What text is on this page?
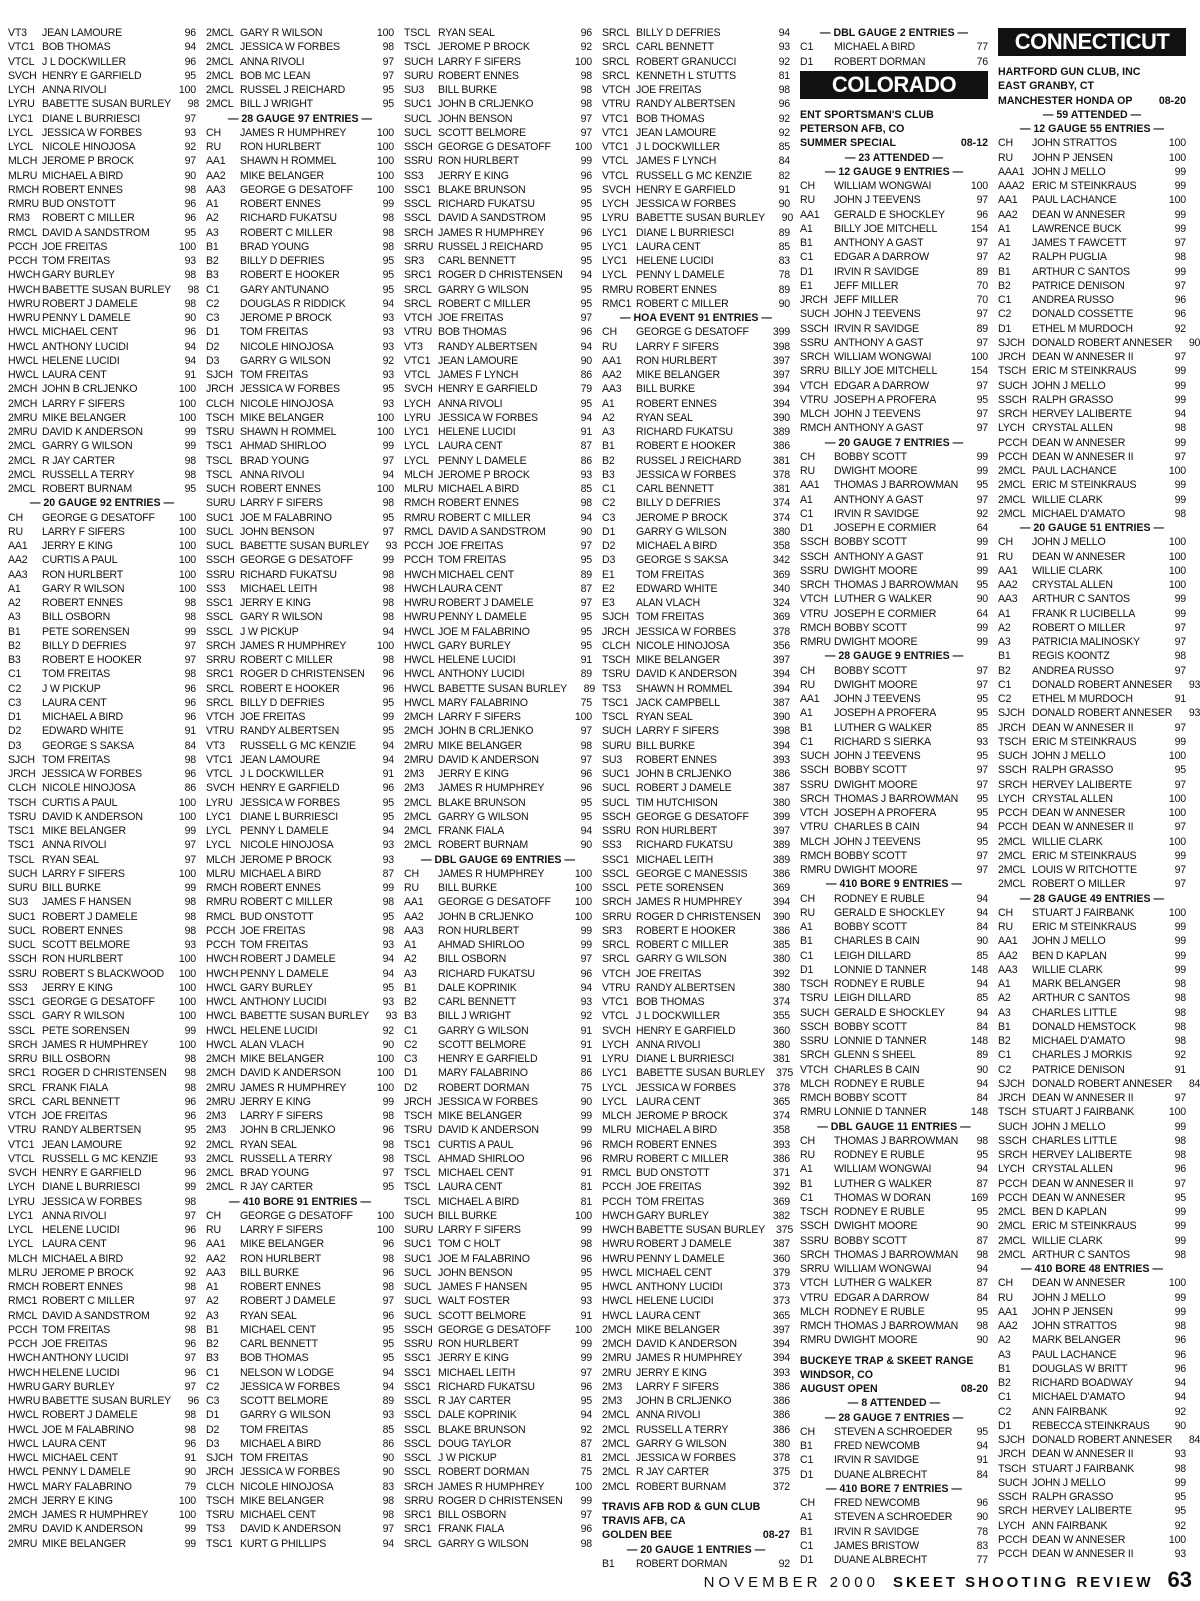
VT3	JEAN LAMOURE	96
VTC1 BOB THOMAS	94
VTCL J L DOCKWILLER	96
SVCH HENRY E GARFIELD	95
LYCH ANNA RIVOLI	100
LYRU BABETTE SUSAN BURLEY	98
LYC1 DIANE L BURRIESCI	97
LYCL JESSICA W FORBES	93
LYCL NICOLE HINOJOSA	92
MLCH JEROME P BROCK	97
MLRU MICHAEL A BIRD	90
RMCH ROBERT ENNES	98
RMRU BUD ONSTOTT	96
RM3	ROBERT C MILLER	96
RMCL DAVID A SANDSTROM	95
PCCH JOE FREITAS	100
PCCH TOM FREITAS	93
HWCH GARY BURLEY	98
HWCH BABETTE SUSAN BURLEY	98
HWRU ROBERT J DAMELE	98
HWRU PENNY L DAMELE	90
HWCL MICHAEL CENT	96
HWCL ANTHONY LUCIDI	94
HWCL HELENE LUCIDI	94
HWCL LAURA CENT	91
2MCH JOHN B CRLJENKO	100
2MCH LARRY F SIFERS	100
2MRU MIKE BELANGER	100
2MRU DAVID K ANDERSON	99
2MCL GARRY G WILSON	99
2MCL R JAY CARTER	98
2MCL RUSSELL A TERRY	98
2MCL ROBERT BURNAM	95
— 20 GAUGE 92 ENTRIES —
CH	GEORGE G DESATOFF	100
RU	LARRY F SIFERS	100
AA1	JERRY E KING	100
AA2	CURTIS A PAUL	100
AA3	RON HURLBERT	100
A1	GARY R WILSON	100
A2	ROBERT ENNES	98
A3	BILL OSBORN	98
B1	PETE SORENSEN	99
B2	BILLY D DEFRIES	97
B3	ROBERT E HOOKER	97
C1	TOM FREITAS	98
C2	J W PICKUP	96
C3	LAURA CENT	96
D1	MICHAEL A BIRD	96
D2	EDWARD WHITE	91
D3	GEORGE S SAKSA	84
SJCH TOM FREITAS	98
JRCH JESSICA W FORBES	96
CLCH NICOLE HINOJOSA	86
TSCH CURTIS A PAUL	100
TSRU DAVID K ANDERSON	100
TSC1 MIKE BELANGER	99
TSC1 ANNA RIVOLI	97
TSCL RYAN SEAL	97
SUCH LARRY F SIFERS	100
SURU BILL BURKE	99
SU3	JAMES F HANSEN	98
SUC1 ROBERT J DAMELE	98
SUCL ROBERT ENNES	98
SUCL SCOTT BELMORE	93
SSCH RON HURLBERT	100
SSRU ROBERT S BLACKWOOD	100
SS3	JERRY E KING	100
SSC1 GEORGE G DESATOFF	100
SSCL GARY R WILSON	100
SSCL PETE SORENSEN	99
SRCH JAMES R HUMPHREY	100
SRRU BILL OSBORN	98
SRC1 ROGER D CHRISTENSEN	98
SRCL FRANK FIALA	98
SRCL CARL BENNETT	96
VTCH JOE FREITAS	96
VTRU RANDY ALBERTSEN	95
VTC1 JEAN LAMOURE	92
VTCL RUSSELL G MC KENZIE	93
SVCH HENRY E GARFIELD	96
LYCH DIANE L BURRIESCI	99
LYRU JESSICA W FORBES	98
LYC1 ANNA RIVOLI	97
LYCL HELENE LUCIDI	96
LYCL LAURA CENT	96
MLCH MICHAEL A BIRD	92
MLRU JEROME P BROCK	92
RMCH ROBERT ENNES	98
RMC1 ROBERT C MILLER	97
RMCL DAVID A SANDSTROM	92
PCCH TOM FREITAS	98
PCCH JOE FREITAS	96
HWCH ANTHONY LUCIDI	97
HWCH HELENE LUCIDI	96
HWRU GARY BURLEY	97
HWRU BABETTE SUSAN BURLEY	96
HWCL ROBERT J DAMELE	98
HWCL JOE M FALABRINO	98
HWCL LAURA CENT	96
HWCL MICHAEL CENT	91
HWCL PENNY L DAMELE	90
HWCL MARY FALABRINO	79
2MCH JERRY E KING	100
2MCH JAMES R HUMPHREY	100
2MRU DAVID K ANDERSON	99
2MRU MIKE BELANGER	99
2MCL GARY R WILSON	100
2MCL JESSICA W FORBES	98
2MCL ANNA RIVOLI	97
2MCL BOB MC LEAN	97
2MCL RUSSEL J REICHARD	95
2MCL BILL J WRIGHT	95
— 28 GAUGE 97 ENTRIES —
CH	JAMES R HUMPHREY	100
RU	RON HURLBERT	100
AA1	SHAWN H ROMMEL	100
AA2	MIKE BELANGER	100
AA3	GEORGE G DESATOFF	100
A1	ROBERT ENNES	99
A2	RICHARD FUKATSU	98
A3	ROBERT C MILLER	98
B1	BRAD YOUNG	98
B2	BILLY D DEFRIES	95
B3	ROBERT E HOOKER	95
C1	GARY ANTUNANO	95
C2	DOUGLAS R RIDDICK	94
C3	JEROME P BROCK	93
D1	TOM FREITAS	93
D2	NICOLE HINOJOSA	93
D3	GARRY G WILSON	92
SJCH TOM FREITAS	93
JRCH JESSICA W FORBES	95
CLCH NICOLE HINOJOSA	93
TSCH MIKE BELANGER	100
TSRU SHAWN H ROMMEL	100
TSC1 AHMAD SHIRLOO	99
TSCL BRAD YOUNG	97
TSCL ANNA RIVOLI	94
SUCH ROBERT ENNES	100
SURU LARRY F SIFERS	98
SUC1 JOE M FALABRINO	95
SUCL JOHN BENSON	97
SUCL BABETTE SUSAN BURLEY	93
SSCH GEORGE G DESATOFF	99
SSRU RICHARD FUKATSU	98
SS3	MICHAEL LEITH	98
SSC1 JERRY E KING	98
SSCL GARY R WILSON	98
SSCL J W PICKUP	94
SRCH JAMES R HUMPHREY	100
SRRU ROBERT C MILLER	98
SRC1 ROGER D CHRISTENSEN	96
SRCL ROBERT E HOOKER	96
SRCL BILLY D DEFRIES	95
VTCH JOE FREITAS	99
VTRU RANDY ALBERTSEN	95
VT3	RUSSELL G MC KENZIE	94
VTC1 JEAN LAMOURE	94
VTCL J L DOCKWILLER	91
SVCH HENRY E GARFIELD	96
LYRU JESSICA W FORBES	95
LYC1 DIANE L BURRIESCI	95
LYCL PENNY L DAMELE	94
LYCL NICOLE HINOJOSA	93
MLCH JEROME P BROCK	93
MLRU MICHAEL A BIRD	87
RMCH ROBERT ENNES	99
RMRU ROBERT C MILLER	98
RMCL BUD ONSTOTT	95
PCCH JOE FREITAS	98
PCCH TOM FREITAS	93
HWCH ROBERT J DAMELE	94
HWCH PENNY L DAMELE	94
HWCL GARY BURLEY	95
HWCL ANTHONY LUCIDI	93
HWCL BABETTE SUSAN BURLEY	93
HWCL HELENE LUCIDI	92
HWCL ALAN VLACH	90
2MCH MIKE BELANGER	100
2MCH DAVID K ANDERSON	100
2MRU JAMES R HUMPHREY	100
2MRU JERRY E KING	99
2M3	LARRY F SIFERS	98
2M3	JOHN B CRLJENKO	96
2MCL RYAN SEAL	98
2MCL RUSSELL A TERRY	98
2MCL BRAD YOUNG	97
2MCL R JAY CARTER	95
— 410 BORE 91 ENTRIES —
CH	GEORGE G DESATOFF	100
RU	LARRY F SIFERS	100
AA1	MIKE BELANGER	96
AA2	RON HURLBERT	98
AA3	BILL BURKE	96
A1	ROBERT ENNES	98
A2	ROBERT J DAMELE	97
A3	RYAN SEAL	96
B1	MICHAEL CENT	95
B2	CARL BENNETT	95
B3	BOB THOMAS	95
C1	NELSON W LODGE	94
C2	JESSICA W FORBES	94
C3	SCOTT BELMORE	89
D1	GARRY G WILSON	93
D2	TOM FREITAS	85
D3	MICHAEL A BIRD	86
SJCH TOM FREITAS	90
JRCH JESSICA W FORBES	90
CLCH NICOLE HINOJOSA	83
TSCH MIKE BELANGER	98
TSRU MICHAEL CENT	98
TS3	DAVID K ANDERSON	97
TSC1 KURT G PHILLIPS	94
TSCL RYAN SEAL	96
TSCL JEROME P BROCK	92
SUCH LARRY F SIFERS	100
SURU ROBERT ENNES	98
SU3	BILL BURKE	98
SUC1 JOHN B CRLJENKO	98
SUCL JOHN BENSON	97
SUCL SCOTT BELMORE	97
SSCH GEORGE G DESATOFF	100
SSRU RON HURLBERT	99
SS3	JERRY E KING	96
SSC1 BLAKE BRUNSON	95
SSCL RICHARD FUKATSU	95
SSCL DAVID A SANDSTROM	95
SRCH JAMES R HUMPHREY	96
SRRU RUSSEL J REICHARD	95
SR3	CARL BENNETT	95
SRC1 ROGER D CHRISTENSEN	94
SRCL GARRY G WILSON	95
SRCL ROBERT C MILLER	95
VTCH JOE FREITAS	97
VTRU BOB THOMAS	96
VT3	RANDY ALBERTSEN	94
VTC1 JEAN LAMOURE	90
VTCL JAMES F LYNCH	86
SVCH HENRY E GARFIELD	79
LYCH ANNA RIVOLI	95
LYRU JESSICA W FORBES	94
LYC1 HELENE LUCIDI	91
LYCL LAURA CENT	87
LYCL PENNY L DAMELE	86
MLCH JEROME P BROCK	93
MLRU MICHAEL A BIRD	85
RMCH ROBERT ENNES	98
RMRU ROBERT C MILLER	94
RMCL DAVID A SANDSTROM	90
PCCH JOE FREITAS	97
PCCH TOM FREITAS	95
HWCH MICHAEL CENT	89
HWCH LAURA CENT	87
HWRU ROBERT J DAMELE	97
HWRU PENNY L DAMELE	95
HWCL JOE M FALABRINO	95
HWCL GARY BURLEY	95
HWCL HELENE LUCIDI	91
HWCL ANTHONY LUCIDI	89
HWCL BABETTE SUSAN BURLEY	89
HWCL MARY FALABRINO	75
2MCH LARRY F SIFERS	100
2MCH JOHN B CRLJENKO	97
2MRU MIKE BELANGER	98
2MRU DAVID K ANDERSON	97
2M3	JERRY E KING	96
2M3	JAMES R HUMPHREY	96
2MCL BLAKE BRUNSON	95
2MCL GARRY G WILSON	95
2MCL FRANK FIALA	94
2MCL ROBERT BURNAM	90
— DBL GAUGE 69 ENTRIES —
CH	JAMES R HUMPHREY	100
RU	BILL BURKE	100
AA1	GEORGE G DESATOFF	100
AA2	JOHN B CRLJENKO	100
AA3	RON HURLBERT	99
A1	AHMAD SHIRLOO	99
A2	BILL OSBORN	97
A3	RICHARD FUKATSU	96
B1	DALE KOPRINIK	94
B2	CARL BENNETT	93
B3	BILL J WRIGHT	92
C1	GARRY G WILSON	91
C2	SCOTT BELMORE	91
C3	HENRY E GARFIELD	91
D1	MARY FALABRINO	86
D2	ROBERT DORMAN	75
JRCH JESSICA W FORBES	90
TSCH MIKE BELANGER	99
TSRU DAVID K ANDERSON	99
TSC1 CURTIS A PAUL	96
TSCL AHMAD SHIRLOO	96
TSCL MICHAEL CENT	91
TSCL LAURA CENT	81
TSCL MICHAEL A BIRD	81
SUCH BILL BURKE	100
SURU LARRY F SIFERS	99
SUC1 TOM C HOLT	98
SUC1 JOE M FALABRINO	96
SUCL JOHN BENSON	95
SUCL JAMES F HANSEN	95
SUCL WALT FOSTER	93
SUCL SCOTT BELMORE	91
SSCH GEORGE G DESATOFF	100
SSRU RON HURLBERT	99
SSC1 JERRY E KING	99
SSC1 MICHAEL LEITH	97
SSC1 RICHARD FUKATSU	96
SSCL R JAY CARTER	95
SSCL DALE KOPRINIK	94
SSCL BLAKE BRUNSON	92
SSCL DOUG TAYLOR	87
SSCL J W PICKUP	81
SSCL ROBERT DORMAN	75
SRCH JAMES R HUMPHREY	100
SRRU ROGER D CHRISTENSEN	99
SRC1 BILL OSBORN	97
SRC1 FRANK FIALA	96
SRCL GARRY G WILSON	98
SRCL BILLY D DEFRIES	94
SRCL CARL BENNETT	93
SRCL ROBERT GRANUCCI	92
SRCL KENNETH L STUTTS	81
VTCH JOE FREITAS	98
VTRU RANDY ALBERTSEN	96
VTC1 BOB THOMAS	92
VTC1 JEAN LAMOURE	92
VTC1 J L DOCKWILLER	85
VTCL JAMES F LYNCH	84
VTCL RUSSELL G MC KENZIE	82
SVCH HENRY E GARFIELD	91
LYCH JESSICA W FORBES	90
LYRU BABETTE SUSAN BURLEY	90
LYC1 DIANE L BURRIESCI	89
LYC1 LAURA CENT	85
LYC1 HELENE LUCIDI	83
LYCL PENNY L DAMELE	78
RMRU ROBERT ENNES	89
RMC1 ROBERT C MILLER	90
— HOA EVENT 91 ENTRIES —
CH	GEORGE G DESATOFF	399
RU	LARRY F SIFERS	398
AA1	RON HURLBERT	397
AA2	MIKE BELANGER	397
AA3	BILL BURKE	394
A1	ROBERT ENNES	394
A2	RYAN SEAL	390
A3	RICHARD FUKATSU	389
B1	ROBERT E HOOKER	386
B2	RUSSEL J REICHARD	381
B3	JESSICA W FORBES	378
C1	CARL BENNETT	381
C2	BILLY D DEFRIES	374
C3	JEROME P BROCK	374
D1	GARRY G WILSON	380
D2	MICHAEL A BIRD	358
D3	GEORGE S SAKSA	342
E1	TOM FREITAS	369
E2	EDWARD WHITE	340
E3	ALAN VLACH	324
SJCH TOM FREITAS	369
JRCH JESSICA W FORBES	378
CLCH NICOLE HINOJOSA	356
TSCH MIKE BELANGER	397
TSRU DAVID K ANDERSON	394
TS3	SHAWN H ROMMEL	394
TSC1 JACK CAMPBELL	387
TSCL RYAN SEAL	390
SUCH LARRY F SIFERS	398
SURU BILL BURKE	394
SU3	ROBERT ENNES	393
SUC1 JOHN B CRLJENKO	386
SUCL ROBERT J DAMELE	387
SUCL TIM HUTCHISON	380
SSCH GEORGE G DESATOFF	399
SSRU RON HURLBERT	397
SS3	RICHARD FUKATSU	389
SSC1 MICHAEL LEITH	389
SSCL GEORGE C MANESSIS	386
SSCL PETE SORENSEN	369
SRCH JAMES R HUMPHREY	394
SRRU ROGER D CHRISTENSEN	390
SR3	ROBERT E HOOKER	386
SRCL ROBERT C MILLER	385
SRCL GARRY G WILSON	380
VTCH JOE FREITAS	392
VTRU RANDY ALBERTSEN	380
VTC1 BOB THOMAS	374
VTCL J L DOCKWILLER	355
SVCH HENRY E GARFIELD	360
LYCH ANNA RIVOLI	380
LYRU DIANE L BURRIESCI	381
LYC1 BABETTE SUSAN BURLEY	375
LYCL JESSICA W FORBES	378
LYCL LAURA CENT	365
MLCH JEROME P BROCK	374
MLRU MICHAEL A BIRD	358
RMCH ROBERT ENNES	393
RMRU ROBERT C MILLER	386
RMCL BUD ONSTOTT	371
PCCH JOE FREITAS	392
PCCH TOM FREITAS	369
HWCH GARY BURLEY	382
HWCH BABETTE SUSAN BURLEY	375
HWRU ROBERT J DAMELE	387
HWRU PENNY L DAMELE	360
HWCL MICHAEL CENT	379
HWCL ANTHONY LUCIDI	373
HWCL HELENE LUCIDI	373
HWCL LAURA CENT	365
2MCH MIKE BELANGER	397
2MCH DAVID K ANDERSON	394
2MRU JAMES R HUMPHREY	394
2MRU JERRY E KING	393
2M3	LARRY F SIFERS	386
2M3	JOHN B CRLJENKO	386
2MCL ANNA RIVOLI	386
2MCL RUSSELL A TERRY	386
2MCL GARRY G WILSON	380
2MCL JESSICA W FORBES	378
2MCL R JAY CARTER	375
2MCL ROBERT BURNAM	372
TRAVIS AFB ROD & GUN CLUB
TRAVIS AFB, CA
GOLDEN BEE	08-27
— 20 GAUGE 1 ENTRIES —
B1	ROBERT DORMAN	92
— DBL GAUGE 2 ENTRIES —
C1	MICHAEL A BIRD	77
D1	ROBERT DORMAN	76
COLORADO
ENT SPORTSMAN'S CLUB
PETERSON AFB, CO
SUMMER SPECIAL	08-12
— 23 ATTENDED —
— 12 GAUGE 9 ENTRIES —
CH	WILLIAM WONGWAI	100
RU	JOHN J TEEVENS	97
AA1	GERALD E SHOCKLEY	96
A1	BILLY JOE MITCHELL	154
B1	ANTHONY A GAST	97
C1	EDGAR A DARROW	97
D1	IRVIN R SAVIDGE	89
E1	JEFF MILLER	70
JRCH JEFF MILLER	70
SUCH JOHN J TEEVENS	97
SSCH IRVIN R SAVIDGE	89
SSRU ANTHONY A GAST	97
SRCH WILLIAM WONGWAI	100
SRRU BILLY JOE MITCHELL	154
VTCH EDGAR A DARROW	97
VTRU JOSEPH A PROFERA	95
MLCH JOHN J TEEVENS	97
RMCH ANTHONY A GAST	97
— 20 GAUGE 7 ENTRIES —
CH	BOBBY SCOTT	99
RU	DWIGHT MOORE	99
AA1	THOMAS J BARROWMAN	95
A1	ANTHONY A GAST	97
C1	IRVIN R SAVIDGE	92
D1	JOSEPH E CORMIER	64
SSCH BOBBY SCOTT	99
SSCH ANTHONY A GAST	91
SSRU DWIGHT MOORE	99
SRCH THOMAS J BARROWMAN	95
VTCH LUTHER G WALKER	90
VTRU JOSEPH E CORMIER	64
RMCH BOBBY SCOTT	99
RMRU DWIGHT MOORE	99
— 28 GAUGE 9 ENTRIES —
CH	BOBBY SCOTT	97
RU	DWIGHT MOORE	97
AA1	JOHN J TEEVENS	95
A1	JOSEPH A PROFERA	95
B1	LUTHER G WALKER	85
C1	RICHARD S SIERKA	93
SUCH JOHN J TEEVENS	95
SSCH BOBBY SCOTT	97
SSRU DWIGHT MOORE	97
SRCH THOMAS J BARROWMAN	95
VTCH JOSEPH A PROFERA	95
VTRU CHARLES B CAIN	94
MLCH JOHN J TEEVENS	95
RMCH BOBBY SCOTT	97
RMRU DWIGHT MOORE	97
— 410 BORE 9 ENTRIES —
CH	RODNEY E RUBLE	94
RU	GERALD E SHOCKLEY	94
A1	BOBBY SCOTT	84
B1	CHARLES B CAIN	90
C1	LEIGH DILLARD	85
D1	LONNIE D TANNER	148
TSCH RODNEY E RUBLE	94
TSRU LEIGH DILLARD	85
SUCH GERALD E SHOCKLEY	94
SSCH BOBBY SCOTT	84
SSRU LONNIE D TANNER	148
SRCH GLENN S SHEEL	89
VTCH CHARLES B CAIN	90
MLCH RODNEY E RUBLE	94
RMCH BOBBY SCOTT	84
RMRU LONNIE D TANNER	148
— DBL GAUGE 11 ENTRIES —
CH	THOMAS J BARROWMAN	98
RU	RODNEY E RUBLE	95
A1	WILLIAM WONGWAI	94
B1	LUTHER G WALKER	87
C1	THOMAS W DORAN	169
TSCH RODNEY E RUBLE	95
SSCH DWIGHT MOORE	90
SSRU BOBBY SCOTT	87
SRCH THOMAS J BARROWMAN	98
SRRU WILLIAM WONGWAI	94
VTCH LUTHER G WALKER	87
VTRU EDGAR A DARROW	84
MLCH RODNEY E RUBLE	95
RMCH THOMAS J BARROWMAN	98
RMRU DWIGHT MOORE	90
BUCKEYE TRAP & SKEET RANGE
WINDSOR, CO
AUGUST OPEN	08-20
— 8 ATTENDED —
— 28 GAUGE 7 ENTRIES —
CH	STEVEN A SCHROEDER	95
B1	FRED NEWCOMB	94
C1	IRVIN R SAVIDGE	91
D1	DUANE ALBRECHT	84
— 410 BORE 7 ENTRIES —
CH	FRED NEWCOMB	96
A1	STEVEN A SCHROEDER	90
B1	IRVIN R SAVIDGE	78
C1	JAMES BRISTOW	83
D1	DUANE ALBRECHT	77
CONNECTICUT
HARTFORD GUN CLUB, INC
EAST GRANBY, CT
MANCHESTER HONDA OP	08-20
— 59 ATTENDED —
— 12 GAUGE 55 ENTRIES —
CH	JOHN STRATTOS	100
RU	JOHN P JENSEN	100
AAA1 JOHN J MELLO	99
AAA2 ERIC M STEINKRAUS	99
AA1	PAUL LACHANCE	100
AA2	DEAN W ANNESER	99
A1	LAWRENCE BUCK	99
A1	JAMES T FAWCETT	97
A2	RALPH PUGLIA	98
B1	ARTHUR C SANTOS	99
B2	PATRICE DENISON	97
C1	ANDREA RUSSO	96
C2	DONALD COSSETTE	96
D1	ETHEL M MURDOCH	92
SJCH DONALD ROBERT ANNESER	90
JRCH DEAN W ANNESER II	97
TSCH ERIC M STEINKRAUS	99
SUCH JOHN J MELLO	99
SSCH RALPH GRASSO	99
SRCH HERVEY LALIBERTE	94
LYCH CRYSTAL ALLEN	98
PCCH DEAN W ANNESER	99
PCCH DEAN W ANNESER II	97
2MCL PAUL LACHANCE	100
2MCL ERIC M STEINKRAUS	99
2MCL WILLIE CLARK	99
2MCL MICHAEL D'AMATO	98
— 20 GAUGE 51 ENTRIES —
CH	JOHN J MELLO	100
RU	DEAN W ANNESER	100
AA1	WILLIE CLARK	100
AA2	CRYSTAL ALLEN	100
AA3	ARTHUR C SANTOS	99
A1	FRANK R LUCIBELLA	99
A2	ROBERT O MILLER	97
A3	PATRICIA MALINOSKY	97
B1	REGIS KOONTZ	98
B2	ANDREA RUSSO	97
C1	DONALD ROBERT ANNESER	93
C2	ETHEL M MURDOCH	91
SJCH DONALD ROBERT ANNESER	93
JRCH DEAN W ANNESER II	97
TSCH ERIC M STEINKRAUS	99
SUCH JOHN J MELLO	100
SSCH RALPH GRASSO	95
SRCH HERVEY LALIBERTE	97
LYCH CRYSTAL ALLEN	100
PCCH DEAN W ANNESER	100
PCCH DEAN W ANNESER II	97
2MCL WILLIE CLARK	100
2MCL ERIC M STEINKRAUS	99
2MCL LOUIS W RITCHOTTE	97
2MCL ROBERT O MILLER	97
— 28 GAUGE 49 ENTRIES —
CH	STUART J FAIRBANK	100
RU	ERIC M STEINKRAUS	99
AA1	JOHN J MELLO	99
AA2	BEN D KAPLAN	99
AA3	WILLIE CLARK	99
A1	MARK BELANGER	98
A2	ARTHUR C SANTOS	98
A3	CHARLES LITTLE	98
B1	DONALD HEMSTOCK	98
B2	MICHAEL D'AMATO	98
C1	CHARLES J MORKIS	92
C2	PATRICE DENISON	91
SJCH DONALD ROBERT ANNESER	84
JRCH DEAN W ANNESER II	97
TSCH STUART J FAIRBANK	100
SUCH JOHN J MELLO	99
SSCH CHARLES LITTLE	98
SRCH HERVEY LALIBERTE	98
LYCH CRYSTAL ALLEN	96
PCCH DEAN W ANNESER II	97
PCCH DEAN W ANNESER	95
2MCL BEN D KAPLAN	99
2MCL ERIC M STEINKRAUS	99
2MCL WILLIE CLARK	99
2MCL ARTHUR C SANTOS	98
— 410 BORE 48 ENTRIES —
CH	DEAN W ANNESER	100
RU	JOHN J MELLO	99
AA1	JOHN P JENSEN	99
AA2	JOHN STRATTOS	98
A2	MARK BELANGER	96
A3	PAUL LACHANCE	96
B1	DOUGLAS W BRITT	96
B2	RICHARD BOADWAY	94
C1	MICHAEL D'AMATO	94
C2	ANN FAIRBANK	92
D1	REBECCA STEINKRAUS	90
SJCH DONALD ROBERT ANNESER	84
JRCH DEAN W ANNESER II	93
TSCH STUART J FAIRBANK	98
SUCH JOHN J MELLO	99
SSCH RALPH GRASSO	95
SRCH HERVEY LALIBERTE	95
LYCH ANN FAIRBANK	92
PCCH DEAN W ANNESER	100
PCCH DEAN W ANNESER II	93
NOVEMBER 2000 SKEET SHOOTING REVIEW 63
